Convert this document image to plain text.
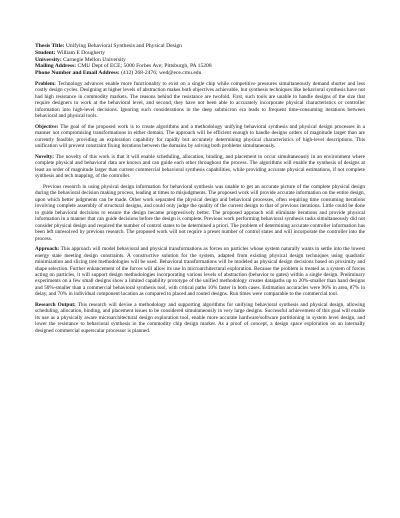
Thesis Title: Unifying Behavioral Synthesis and Physical Design
Student: William E Dougherty
University: Carnegie Mellon University
Mailing Address: CMU Dept of ECE; 5000 Forbes Ave; Pittsburgh, PA 15208
Phone Number and Email Address: (412) 268-2476; wed@ece.cmu.edu

Problem: Technology advances enable more functionality to exist on a single chip while competitive pressures simultaneously demand shorter and less costly design cycles. Designing at higher levels of abstraction makes both objectives achievable, but synthesis techniques like behavioral synthesis have not had high resistance in commodity markets. The reasons behind the resistance are twofold. First, such tools are unable to handle designs of the size that require designers to work at the behavioral level, and second, they have not been able to accurately incorporate physical characteristics or controller information into high-level decisions. Ignoring such considerations in the deep submicron era leads to frequent time-consuming iterations between behavioral and physical tools.

Objective: The goal of the proposed work is to create algorithms and a methodology unifying behavioral synthesis and physical design processes in a manner not compromising transformations in either domain. The approach will be efficient enough to handle designs orders of magnitude larger than are currently feasible, providing an exploration capability for rapidly but accurately determining physical characteristics of high-level descriptions. This unification will prevent constraint fixing iterations between the domains by solving both problems simultaneously.

Novelty: The novelty of this work is that it will enable scheduling, allocation, binding, and placement to occur simultaneously in an environment where complete physical and behavioral data are known and can guide each other throughout the process. The algorithms will enable the synthesis of designs at least an order of magnitude larger than current commercial behavioral synthesis capabilities, while providing accurate physical estimations, if not complete synthesis and tech mapping, of the controller.

Previous research in using physical design information for behavioral synthesis was unable to get an accurate picture of the complete physical design during the behavioral decision making process, leading at times to misjudgments. The proposed work will provide accurate information on the entire design, upon which better judgments can be made. Other work separated the physical design and behavioral processes, often requiring time consuming iterations involving complete assembly of structural designs, and could only judge the quality of the current design to that of previous iterations. Little could be done to guide behavioral decisions to ensure the design became progressively better. The proposed approach will eliminate iterations and provide physical information in a manner that can guide decisions before the design is complete. Previous work performing behavioral synthesis tasks simultaneously did not consider physical design and required the number of control states to be determined a priori. The problem of determining accurate controller information has been left unresolved by previous research. The proposed work will not require a preset number of control states and will incorporate the controller into the process.

Approach: This approach will model behavioral and physical transformations as forces on particles whose system naturally wants to settle into the lowest energy state meeting design constraints. A constructive solution for the system, adapted from existing physical design techniques using quadratic minimization and slicing tree methodologies will be used. Behavioral transformations will be modeled as physical design decisions based on proximity and shape selection. Further enhancement of the forces will allow its use in microarchitectural exploration. Because the problem is treated as a system of forces acting on particles, it will support design methodologies incorporating various levels of abstraction (behavior to gates) within a single design. Preliminary experiments on a few small designs show a limited capability prototype of the unified methodology creates datapaths up to 20%-smaller than hand designs and 50%-smaller than a commercial behavioral synthesis tool, with critical paths 10% faster in both cases. Estimation accuracies were 96% in area, 87% in delay, and 70% in individual component location as compared to placed and routed designs. Run times were comparable to the commercial tool.

Research Output: This research will devise a methodology and supporting algorithms for unifying behavioral synthesis and physical design, allowing scheduling, allocation, binding, and placement issues to be considered simultaneously in very large designs. Successful achievement of this goal will enable its use as a physically aware microarchitectural design exploration tool, enable more accurate hardware/software partitioning in system level design, and lower the resistance to behavioral synthesis in the commodity chip design market. As a proof of concept, a design space exploration on an internally designed commercial superscalar processor is planned.
